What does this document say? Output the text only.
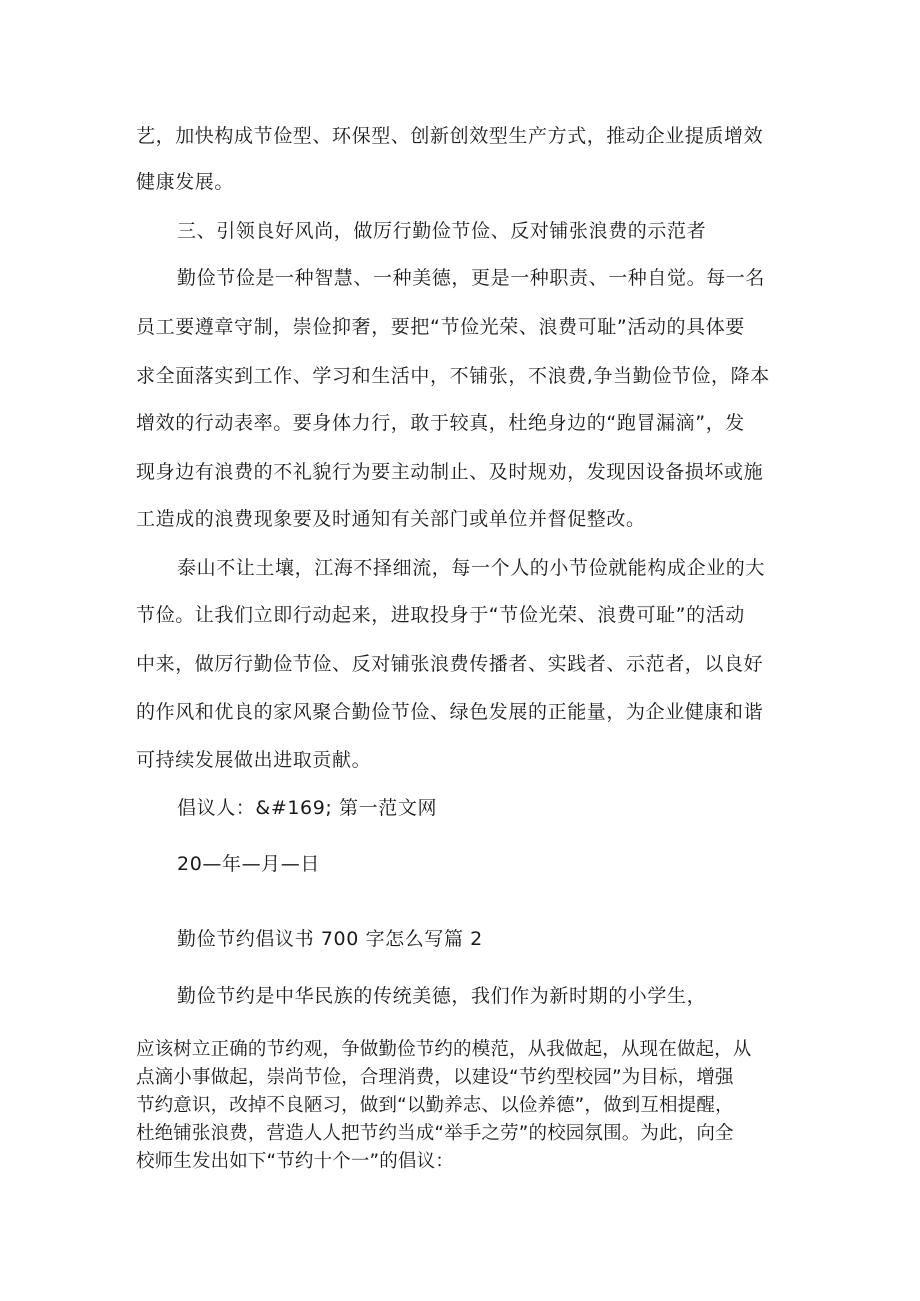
艺，加快构成节俭型、环保型、创新创效型生产方式，推动企业提质增效
健康发展。
三、引领良好风尚，做厉行勤俭节俭、反对铺张浪费的示范者
勤俭节俭是一种智慧、一种美德，更是一种职责、一种自觉。每一名
员工要遵章守制，崇俭抑奢，要把“节俭光荣、浪费可耻”活动的具体要
求全面落实到工作、学习和生活中，不铺张，不浪费,争当勤俭节俭，降本
增效的行动表率。要身体力行，敢于较真，杜绝身边的“跑冒漏滴”，发
现身边有浪费的不礼貌行为要主动制止、及时规劝，发现因设备损坏或施
工造成的浪费现象要及时通知有关部门或单位并督促整改。
泰山不让土壤，江海不择细流，每一个人的小节俭就能构成企业的大
节俭。让我们立即行动起来，进取投身于“节俭光荣、浪费可耻”的活动
中来，做厉行勤俭节俭、反对铺张浪费传播者、实践者、示范者，以良好
的作风和优良的家风聚合勤俭节俭、绿色发展的正能量，为企业健康和谐
可持续发展做出进取贡献。
倡议人：&#169; 第一范文网
20—年—月—日
勤俭节约倡议书 700 字怎么写篇 2
勤俭节约是中华民族的传统美德，我们作为新时期的小学生，
应该树立正确的节约观，争做勤俭节约的模范，从我做起，从现在做起，从
点滴小事做起，崇尚节俭，合理消费，以建设“节约型校园”为目标，增强
节约意识，改掉不良陋习，做到“以勤养志、以俭养德”，做到互相提醒，
杜绝铺张浪费，营造人人把节约当成“举手之劳”的校园氛围。为此，向全
校师生发出如下“节约十个一”的倡议：
